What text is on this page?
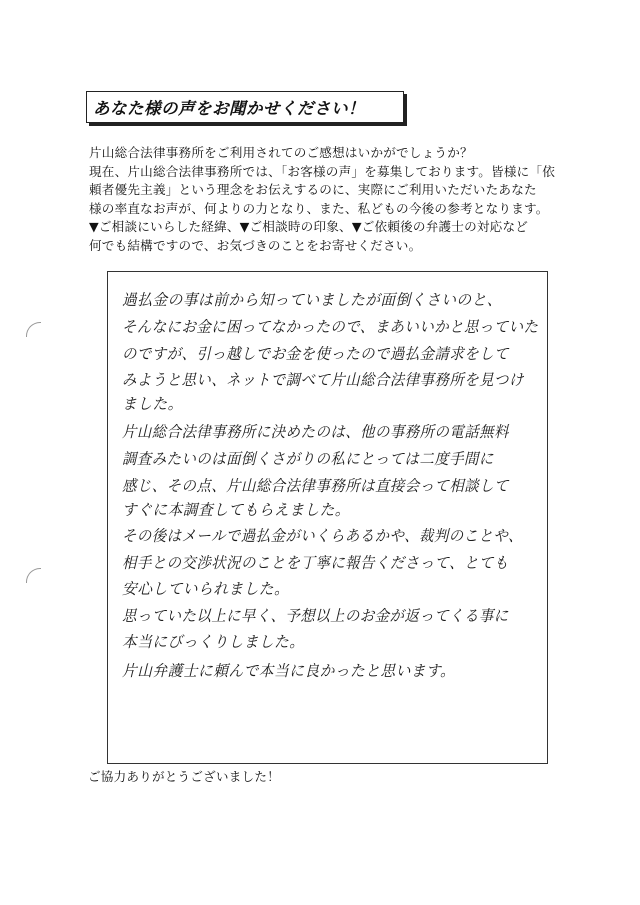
あなた様の声をお聞かせください！

片山総合法律事務所をご利用されてのご感想はいかがでしょうか？

現在、片山総合法律事務所では、「お客様の声」を募集しております。皆様に「依

頼者優先主義」という理念をお伝えするのに、実際にご利用いただいたあなた

様の率直なお声が、何よりの力となり、また、私どもの今後の参考となります。

▼ご相談にいらした経緯、▼ご相談時の印象、▼ご依頼後の弁護士の対応など

何でも結構ですので、お気づきのことをお寄せください。

過払金の事は前から知っていましたが面倒くさいのと、
そんなにお金に困ってなかったので、まあいいかと思っていた
のですが、引っ越しでお金を使ったので過払金請求をして
みようと思い、ネットで調べて片山総合法律事務所を見つけ
ました。
片山総合法律事務所に決めたのは、他の事務所の電話無料
調査みたいのは面倒くさがりの私にとっては二度手間に
感じ、その点、片山総合法律事務所は直接会って相談して
すぐに本調査してもらえました。
その後はメールで過払金がいくらあるかや、裁判のことや、
相手との交渉状況のことを丁寧に報告くださって、とても
安心していられました。
思っていた以上に早く、予想以上のお金が返ってくる事に
本当にびっくりしました。
片山弁護士に頼んで本当に良かったと思います。
ご協力ありがとうございました！
